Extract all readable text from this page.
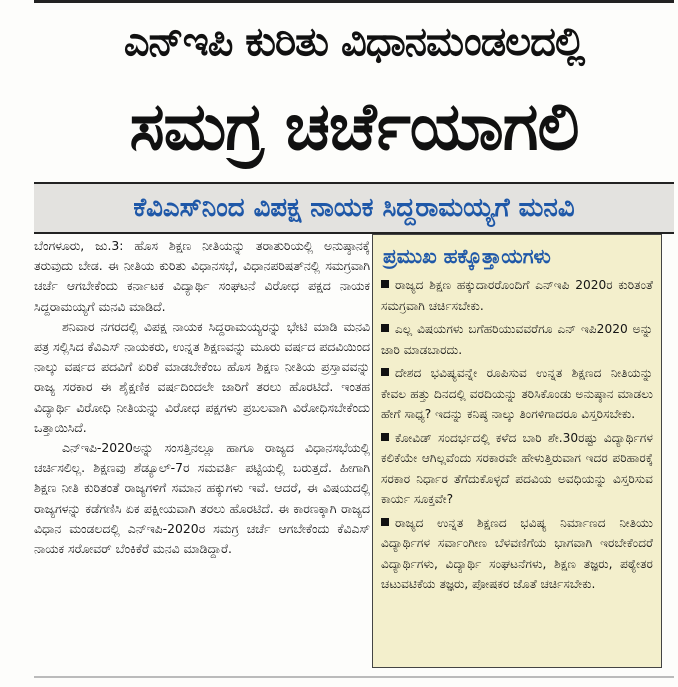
ಎನ್‌ಇಪಿ ಕುರಿತು ವಿಧಾನಮಂಡಲದಲ್ಲಿ
ಸಮಗ್ರ ಚರ್ಚೆಯಾಗಲಿ
ಕೆವಿಎಸ್‌ನಿಂದ ವಿಪಕ್ಷ ನಾಯಕ ಸಿದ್ದರಾಮಯ್ಯಗೆ ಮನವಿ

ಬೆಂಗಳೂರು, ಜು.3: ಹೊಸ ಶಿಕ್ಷಣ ನೀತಿಯನ್ನು ತರಾತುರಿಯಲ್ಲಿ ಅನುಷ್ಠಾನಕ್ಕೆ ತರುವುದು ಬೇಡ. ಈ ನೀತಿಯ ಕುರಿತು ವಿಧಾನಸಭೆ, ವಿಧಾನಪರಿಷತ್‌ನಲ್ಲಿ ಸಮಗ್ರವಾಗಿ ಚರ್ಚೆ ಆಗಬೇಕೆಂದು ಕರ್ನಾಟಕ ವಿದ್ಯಾರ್ಥಿ ಸಂಘಟನೆ ವಿರೋಧ ಪಕ್ಷದ ನಾಯಕ ಸಿದ್ದರಾಮಯ್ಯಗೆ ಮನವಿ ಮಾಡಿದೆ.

ಶನಿವಾರ ನಗರದಲ್ಲಿ ವಿಪಕ್ಷ ನಾಯಕ ಸಿದ್ದರಾಮಯ್ಯರನ್ನು ಭೇಟಿ ಮಾಡಿ ಮನವಿ ಪತ್ರ ಸಲ್ಲಿಸಿದ ಕೆವಿಎಸ್ ನಾಯಕರು, ಉನ್ನತ ಶಿಕ್ಷಣವನ್ನು ಮೂರು ವರ್ಷದ ಪದವಿಯಿಂದ ನಾಲ್ಕು ವರ್ಷದ ಪದವಿಗೆ ಏರಿಕೆ ಮಾಡಬೇಕೆಂಬ ಹೊಸ ಶಿಕ್ಷಣ ನೀತಿಯ ಪ್ರಸ್ತಾವವನ್ನು ರಾಜ್ಯ ಸರಕಾರ ಈ ಶೈಕ್ಷಣಿಕ ವರ್ಷದಿಂದಲೇ ಜಾರಿಗೆ ತರಲು ಹೊರಟಿದೆ. ಇಂತಹ ವಿದ್ಯಾರ್ಥಿ ವಿರೋಧಿ ನೀತಿಯನ್ನು ವಿರೋಧ ಪಕ್ಷಗಳು ಪ್ರಬಲವಾಗಿ ವಿರೋಧಿಸಬೇಕೆಂದು ಒತ್ತಾಯಿಸಿದೆ.

ಎನ್‌ಇಪಿ-2020ಅನ್ನು ಸಂಸತ್ತಿನಲ್ಲೂ ಹಾಗೂ ರಾಜ್ಯದ ವಿಧಾನಸಭೆಯಲ್ಲಿ ಚರ್ಚಿಸಲಿಲ್ಲ. ಶಿಕ್ಷಣವು ಶೆಡ್ಯೂಲ್-7ರ ಸಮವರ್ತಿ ಪಟ್ಟಿಯಲ್ಲಿ ಬರುತ್ತದೆ. ಹೀಗಾಗಿ ಶಿಕ್ಷಣ ನೀತಿ ಕುರಿತಂತೆ ರಾಜ್ಯಗಳಿಗೆ ಸಮಾನ ಹಕ್ಕುಗಳು ಇವೆ. ಆದರೆ, ಈ ವಿಷಯದಲ್ಲಿ ರಾಜ್ಯಗಳನ್ನು ಕಡೆಗಣಿಸಿ ಏಕ ಪಕ್ಷೀಯವಾಗಿ ತರಲು ಹೊರಟಿದೆ. ಈ ಕಾರಣಕ್ಕಾಗಿ ರಾಜ್ಯದ ವಿಧಾನ ಮಂಡಲದಲ್ಲಿ ಎನ್‌ಇಪಿ-2020ರ ಸಮಗ್ರ ಚರ್ಚೆ ಆಗಬೇಕೆಂದು ಕೆವಿಎಸ್ ನಾಯಕ ಸರೋವರ್ ಬೆಂಕಿಕೆರೆ ಮನವಿ ಮಾಡಿದ್ದಾರೆ.

ಪ್ರಮುಖ ಹಕ್ಕೊತ್ತಾಯಗಳು
ರಾಜ್ಯದ ಶಿಕ್ಷಣ ಹಕ್ಕುದಾರರೊಂದಿಗೆ ಎನ್‌ಇಪಿ 2020ರ ಕುರಿತಂತೆ ಸಮಗ್ರವಾಗಿ ಚರ್ಚಿಸಬೇಕು.
ಎಲ್ಲ ವಿಷಯಗಳು ಬಗೆಹರಿಯುವವರೆಗೂ ಎನ್ ಇಪಿ2020 ಅನ್ನು ಜಾರಿ ಮಾಡಬಾರದು.
ದೇಶದ ಭವಿಷ್ಯವನ್ನೇ ರೂಪಿಸುವ ಉನ್ನತ ಶಿಕ್ಷಣದ ನೀತಿಯನ್ನು ಕೇವಲ ಹತ್ತು ದಿನದಲ್ಲಿ ವರದಿಯನ್ನು ತರಿಸಿಕೊಂಡು ಅನುಷ್ಠಾನ ಮಾಡಲು ಹೇಗೆ ಸಾಧ್ಯ? ಇದನ್ನು ಕನಿಷ್ಠ ನಾಲ್ಕು ತಿಂಗಳಿಗಾದರೂ ವಿಸ್ತರಿಸಬೇಕು.
ಕೋವಿಡ್ ಸಂದರ್ಭದಲ್ಲಿ ಕಳೆದ ಬಾರಿ ಶೇ.30ರಷ್ಟು ವಿದ್ಯಾರ್ಥಿಗಳ ಕಲಿಕೆಯೇ ಆಗಿಲ್ಲವೆಂದು ಸರಕಾರವೇ ಹೇಳುತ್ತಿರುವಾಗ ಇದರ ಪರಿಹಾರಕ್ಕೆ ಸರಕಾರ ನಿರ್ಧಾರ ತೆಗೆದುಕೊಳ್ಳದೆ ಪದವಿಯ ಅವಧಿಯನ್ನು ವಿಸ್ತರಿಸುವ ಕಾರ್ಯ ಸೂಕ್ತವೇ?
ರಾಜ್ಯದ ಉನ್ನತ ಶಿಕ್ಷಣದ ಭವಿಷ್ಯ ನಿರ್ಮಾಣದ ನೀತಿಯು ವಿದ್ಯಾರ್ಥಿಗಳ ಸರ್ವಾಂಗೀಣ ಬೆಳವಣಿಗೆಯ ಭಾಗವಾಗಿ ಇರಬೇಕೆಂದರೆ ವಿದ್ಯಾರ್ಥಿಗಳು, ವಿದ್ಯಾರ್ಥಿ ಸಂಘಟನೆಗಳು, ಶಿಕ್ಷಣ ತಜ್ಞರು, ಪಠ್ಯೇತರ ಚಟುವಟಿಕೆಯ ತಜ್ಞರು, ಪೋಷಕರ ಜೊತೆ ಚರ್ಚಿಸಬೇಕು.
